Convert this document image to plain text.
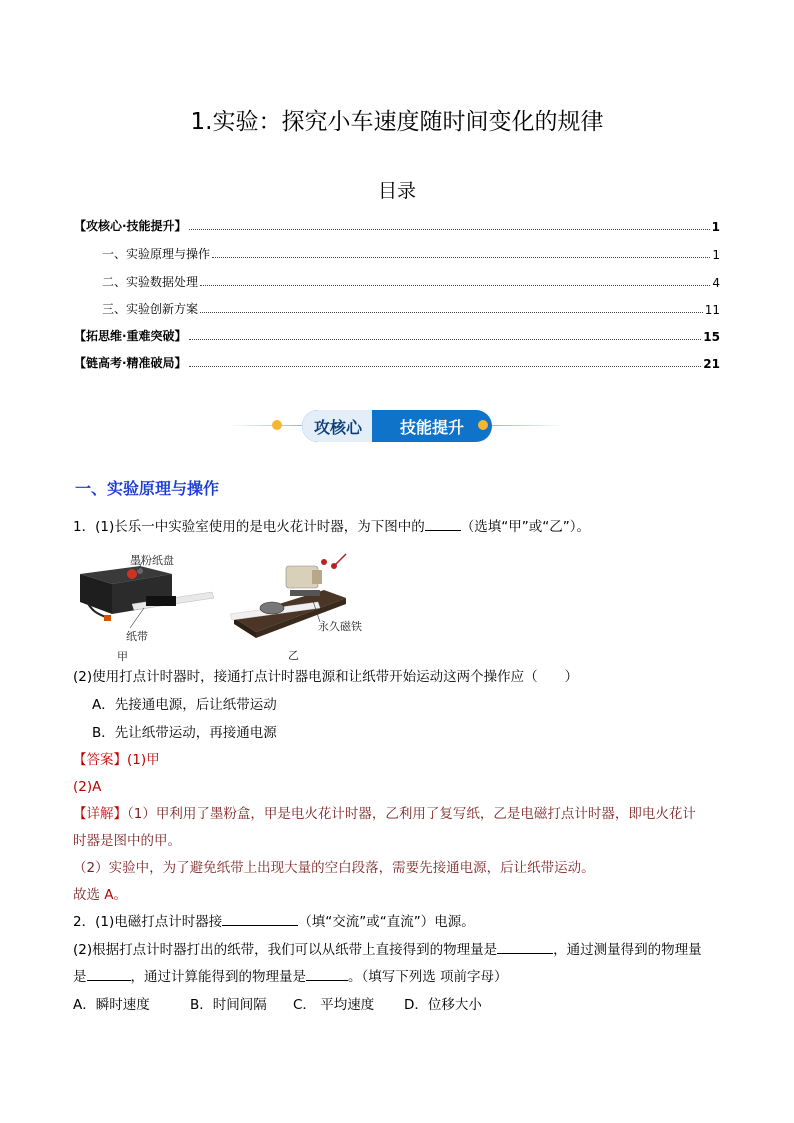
1.实验：探究小车速度随时间变化的规律
目录
【攻核心·技能提升】	1
一、实验原理与操作	1
二、实验数据处理	4
三、实验创新方案	11
【拓思维·重难突破】	15
【链高考·精准破局】	21
攻核心	技能提升
一、实验原理与操作
1．(1)长乐一中实验室使用的是电火花计时器，为下图中的	（选填“甲”或“乙”）。
墨粉纸盘
纸带
甲
永久磁铁
乙
(2)使用打点计时器时，接通打点计时器电源和让纸带开始运动这两个操作应（　　）
A．先接通电源，后让纸带运动
B．先让纸带运动，再接通电源
【答案】(1)甲
(2)A
【详解】（1）甲利用了墨粉盒，甲是电火花计时器，乙利用了复写纸，乙是电磁打点计时器，即电火花计
时器是图中的甲。
（2）实验中，为了避免纸带上出现大量的空白段落，需要先接通电源，后让纸带运动。
故选 A。
2．(1)电磁打点计时器接	（填“交流”或“直流”）电源。
(2)根据打点计时器打出的纸带，我们可以从纸带上直接得到的物理量是	，通过测量得到的物理量
是	，通过计算能得到的物理量是	。（填写下列选 项前字母）
A．瞬时速度	B．时间间隔 C． 平均速度 D．位移大小
